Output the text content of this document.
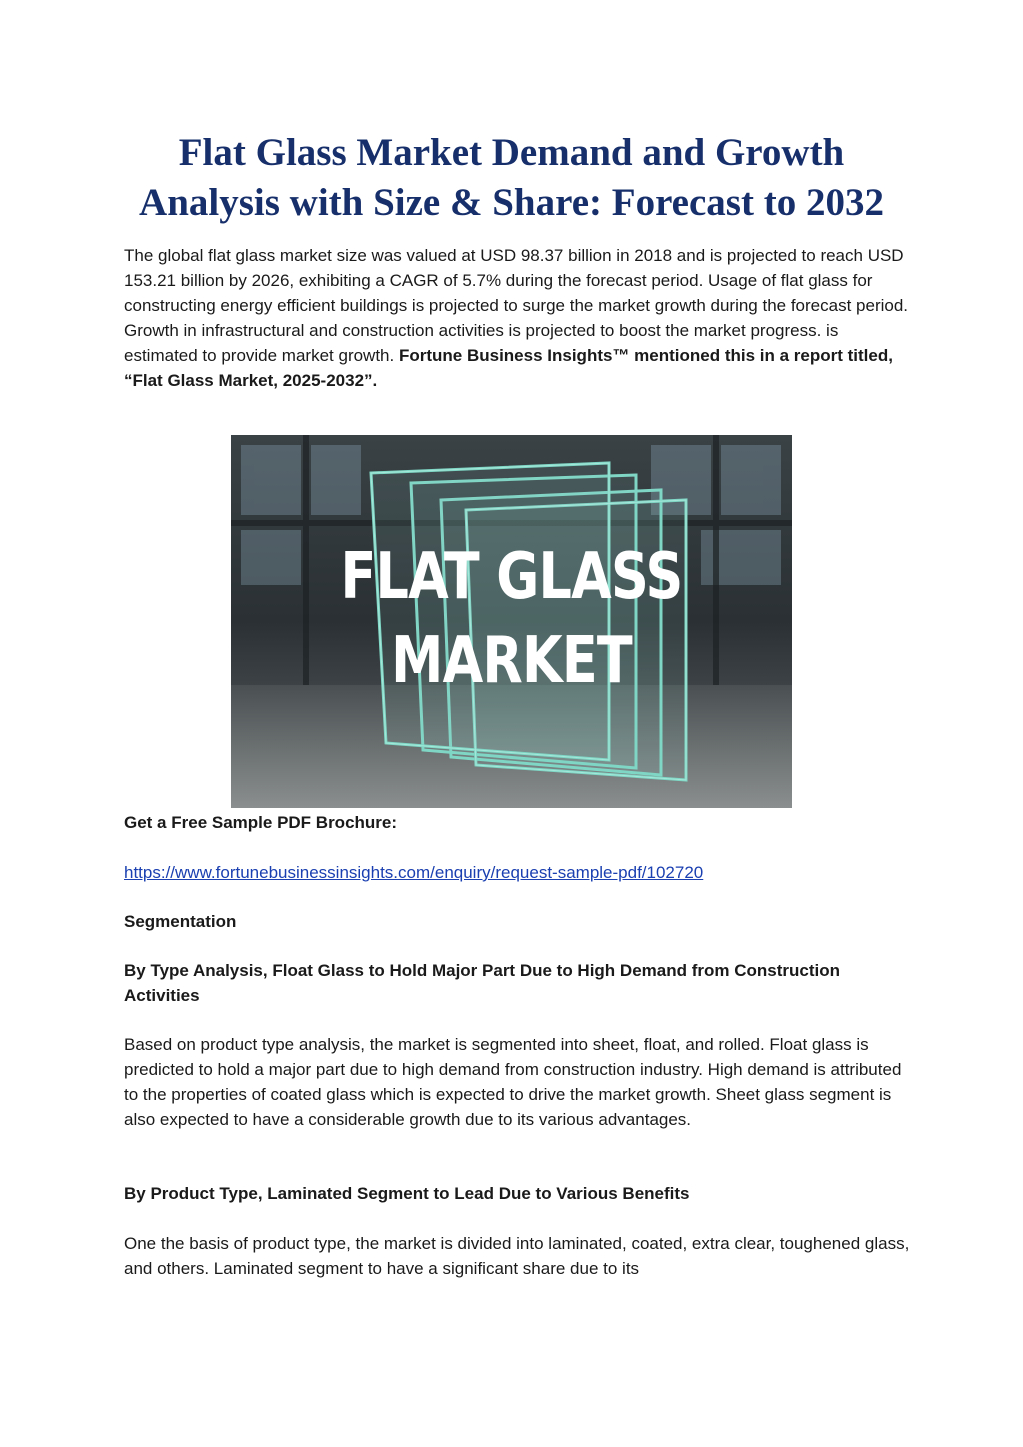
Flat Glass Market Demand and Growth
Analysis with Size & Share: Forecast to 2032

The global flat glass market size was valued at USD 98.37 billion in 2018 and is projected to reach USD 153.21 billion by 2026, exhibiting a CAGR of 5.7% during the forecast period. Usage of flat glass for constructing energy efficient buildings is projected to surge the market growth during the forecast period. Growth in infrastructural and construction activities is projected to boost the market progress. is estimated to provide market growth. Fortune Business Insights™ mentioned this in a report titled, “Flat Glass Market, 2025-2032”.

FLAT GLASS
MARKET

Get a Free Sample PDF Brochure:

https://www.fortunebusinessinsights.com/enquiry/request-sample-pdf/102720

Segmentation

By Type Analysis, Float Glass to Hold Major Part Due to High Demand from Construction Activities

Based on product type analysis, the market is segmented into sheet, float, and rolled. Float glass is predicted to hold a major part due to high demand from construction industry. High demand is attributed to the properties of coated glass which is expected to drive the market growth. Sheet glass segment is also expected to have a considerable growth due to its various advantages.

By Product Type, Laminated Segment to Lead Due to Various Benefits

One the basis of product type, the market is divided into laminated, coated, extra clear, toughened glass, and others. Laminated segment to have a significant share due to its
